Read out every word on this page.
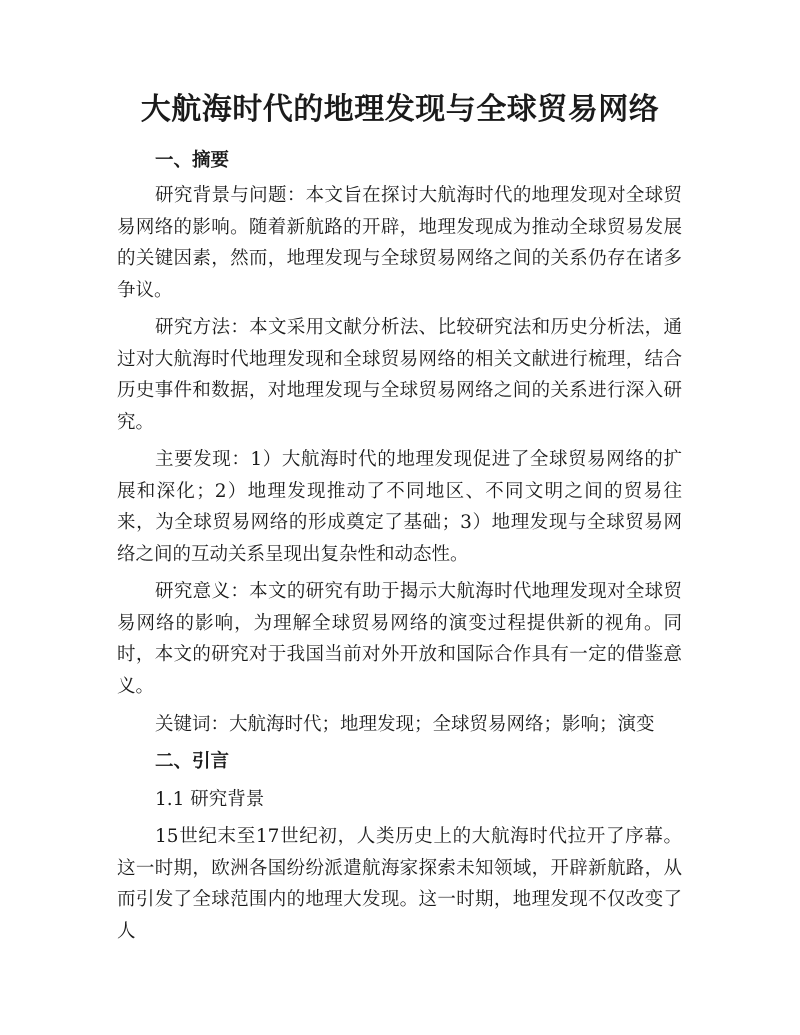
大航海时代的地理发现与全球贸易网络
一、摘要

研究背景与问题：本文旨在探讨大航海时代的地理发现对全球贸易网络的影响。随着新航路的开辟，地理发现成为推动全球贸易发展的关键因素，然而，地理发现与全球贸易网络之间的关系仍存在诸多争议。

研究方法：本文采用文献分析法、比较研究法和历史分析法，通过对大航海时代地理发现和全球贸易网络的相关文献进行梳理，结合历史事件和数据，对地理发现与全球贸易网络之间的关系进行深入研究。

主要发现：1）大航海时代的地理发现促进了全球贸易网络的扩展和深化；2）地理发现推动了不同地区、不同文明之间的贸易往来，为全球贸易网络的形成奠定了基础；3）地理发现与全球贸易网络之间的互动关系呈现出复杂性和动态性。

研究意义：本文的研究有助于揭示大航海时代地理发现对全球贸易网络的影响，为理解全球贸易网络的演变过程提供新的视角。同时，本文的研究对于我国当前对外开放和国际合作具有一定的借鉴意义。

关键词：大航海时代；地理发现；全球贸易网络；影响；演变

二、引言

1.1 研究背景

15世纪末至17世纪初，人类历史上的大航海时代拉开了序幕。这一时期，欧洲各国纷纷派遣航海家探索未知领域，开辟新航路，从而引发了全球范围内的地理大发现。这一时期，地理发现不仅改变了人
